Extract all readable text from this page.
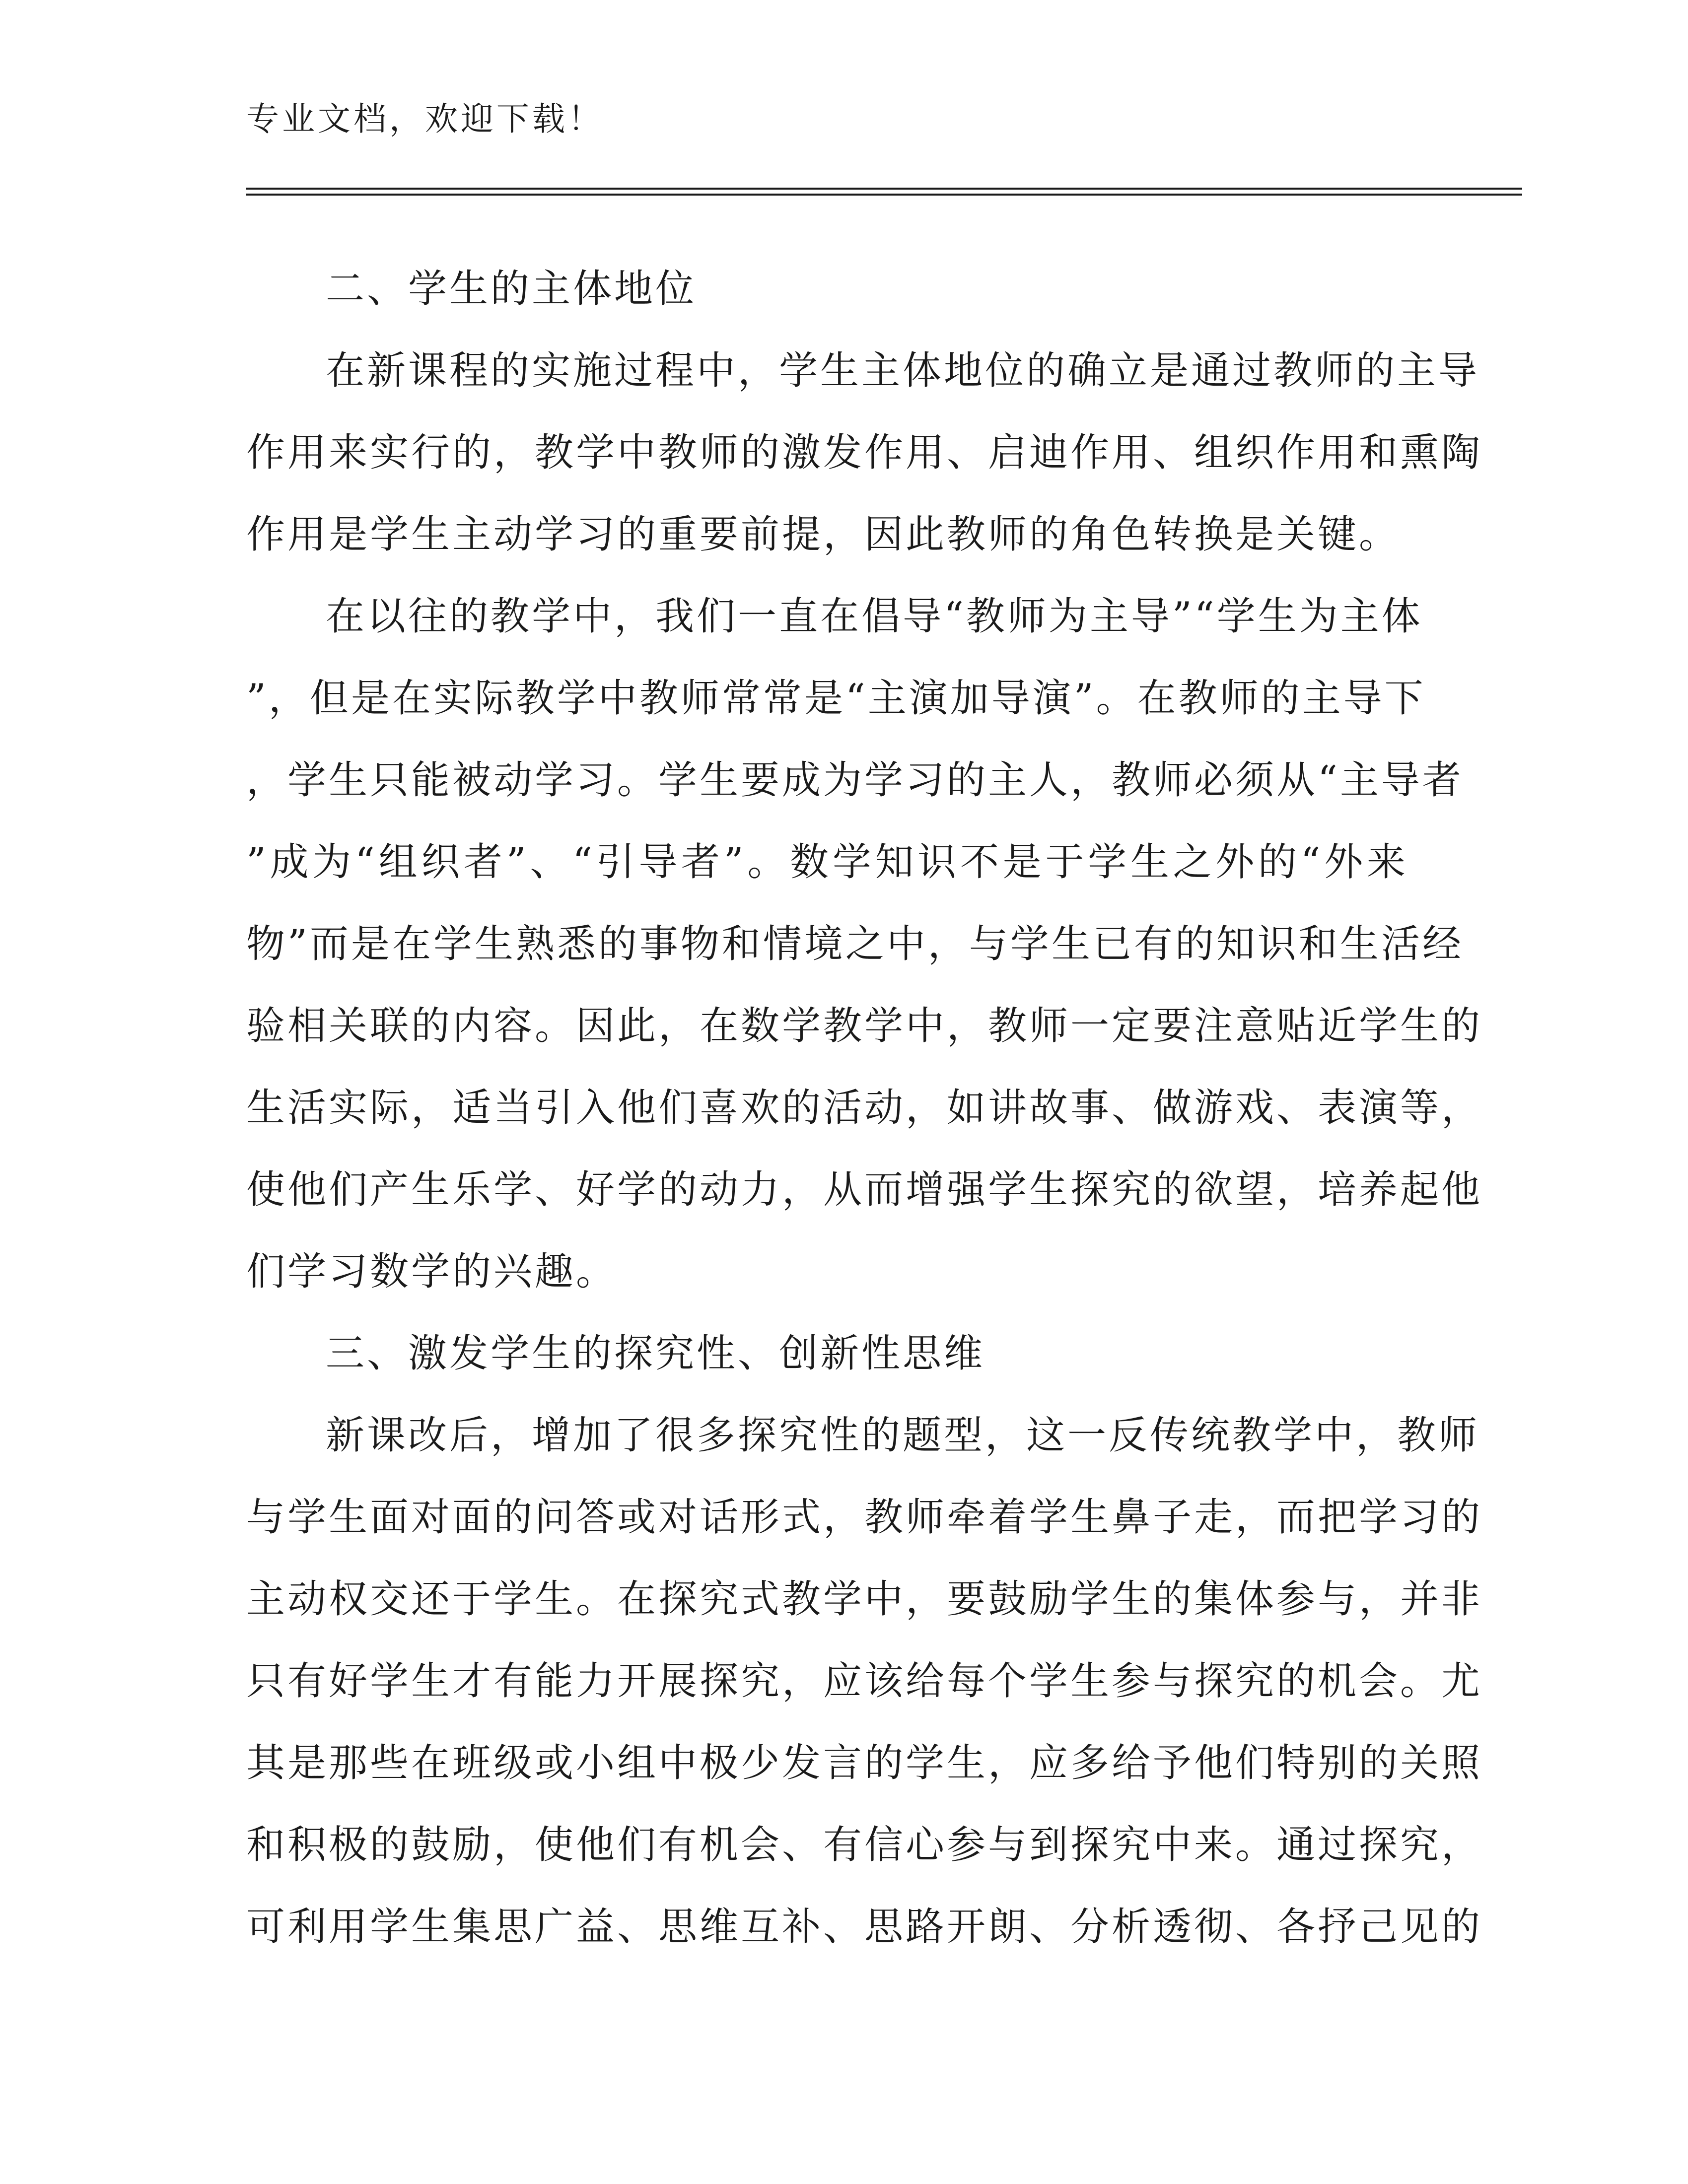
专业文档，欢迎下载！
二、学生的主体地位
在新课程的实施过程中，学生主体地位的确立是通过教师的主导
作用来实行的，教学中教师的激发作用、启迪作用、组织作用和熏陶
作用是学生主动学习的重要前提，因此教师的角色转换是关键。
在以往的教学中，我们一直在倡导“教师为主导”“学生为主体
”，但是在实际教学中教师常常是“主演加导演”。在教师的主导下
，学生只能被动学习。学生要成为学习的主人，教师必须从“主导者
”成为“组织者”、“引导者”。数学知识不是于学生之外的“外来
物”而是在学生熟悉的事物和情境之中，与学生已有的知识和生活经
验相关联的内容。因此，在数学教学中，教师一定要注意贴近学生的
生活实际，适当引入他们喜欢的活动，如讲故事、做游戏、表演等，
使他们产生乐学、好学的动力，从而增强学生探究的欲望，培养起他
们学习数学的兴趣。
三、激发学生的探究性、创新性思维
新课改后，增加了很多探究性的题型，这一反传统教学中，教师
与学生面对面的问答或对话形式，教师牵着学生鼻子走，而把学习的
主动权交还于学生。在探究式教学中，要鼓励学生的集体参与，并非
只有好学生才有能力开展探究，应该给每个学生参与探究的机会。尤
其是那些在班级或小组中极少发言的学生，应多给予他们特别的关照
和积极的鼓励，使他们有机会、有信心参与到探究中来。通过探究，
可利用学生集思广益、思维互补、思路开朗、分析透彻、各抒己见的
